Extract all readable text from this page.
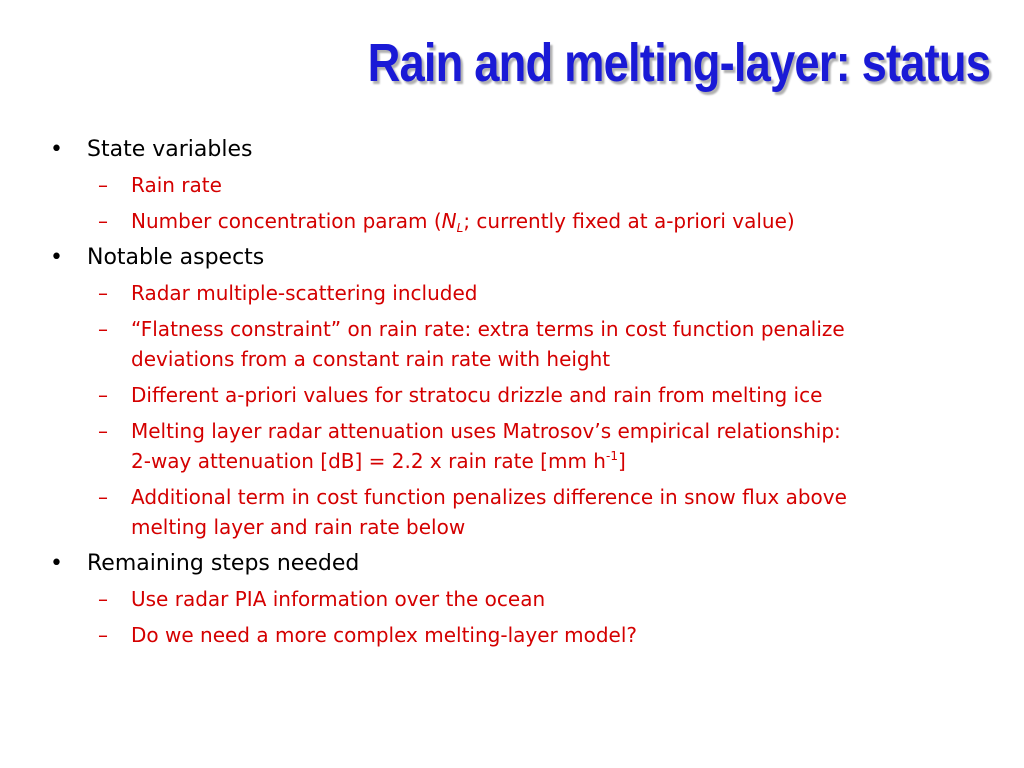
Rain and melting-layer: status
• State variables
– Rain rate
– Number concentration param ($N_L$; currently fixed at a-priori value)
• Notable aspects
– Radar multiple-scattering included
– “Flatness constraint” on rain rate: extra terms in cost function penalize
deviations from a constant rain rate with height
– Different a-priori values for stratocu drizzle and rain from melting ice
– Melting layer radar attenuation uses Matrosov’s empirical relationship:
2-way attenuation [dB] = 2.2 x rain rate [mm $h^{-1}$]
– Additional term in cost function penalizes difference in snow flux above
melting layer and rain rate below
• Remaining steps needed
– Use radar PIA information over the ocean
– Do we need a more complex melting-layer model?
